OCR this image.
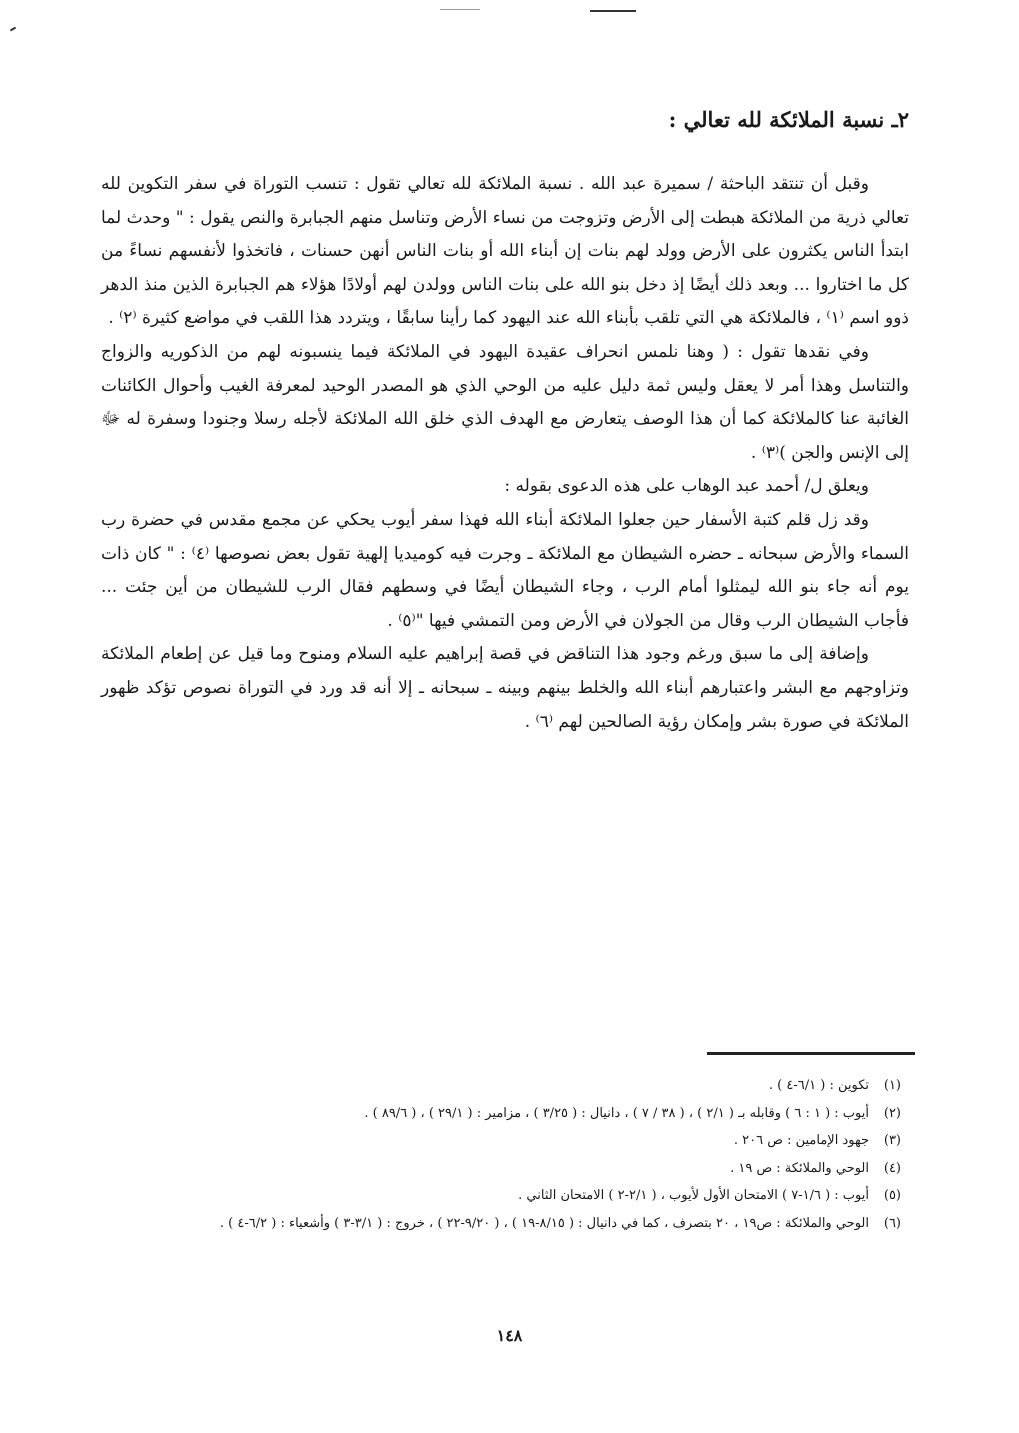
٢ـ نسبة الملائكة لله تعالي :

وقبل أن تنتقد الباحثة / سميرة عبد الله . نسبة الملائكة لله تعالي تقول : تنسب التوراة في سفر التكوين لله تعالي ذرية من الملائكة هبطت إلى الأرض وتزوجت من نساء الأرض وتناسل منهم الجبابرة والنص يقول : " وحدث لما ابتدأ الناس يكثرون على الأرض وولد لهم بنات إن أبناء الله أو بنات الناس أنهن حسنات ، فاتخذوا لأنفسهم نساءً من كل ما اختاروا ... وبعد ذلك أيضًا إذ دخل بنو الله على بنات الناس وولدن لهم أولادًا هؤلاء هم الجبابرة الذين منذ الدهر ذوو اسم ⁽١⁾ ، فالملائكة هي التي تلقب بأبناء الله عند اليهود كما رأينا سابقًا ، ويتردد هذا اللقب في مواضع كثيرة ⁽٢⁾ .

وفي نقدها تقول : ( وهنا نلمس انحراف عقيدة اليهود في الملائكة فيما ينسبونه لهم من الذكوريه والزواج والتناسل وهذا أمر لا يعقل وليس ثمة دليل عليه من الوحي الذي هو المصدر الوحيد لمعرفة الغيب وأحوال الكائنات الغائبة عنا كالملائكة كما أن هذا الوصف يتعارض مع الهدف الذي خلق الله الملائكة لأجله رسلا وجنودا وسفرة له ﷻ إلى الإنس والجن )⁽٣⁾ .

ويعلق ل/ أحمد عبد الوهاب على هذه الدعوى بقوله :

وقد زل قلم كتبة الأسفار حين جعلوا الملائكة أبناء الله فهذا سفر أيوب يحكي عن مجمع مقدس في حضرة رب السماء والأرض سبحانه ـ حضره الشيطان مع الملائكة ـ وجرت فيه كوميديا إلهية تقول بعض نصوصها ⁽٤⁾ : " كان ذات يوم أنه جاء بنو الله ليمثلوا أمام الرب ، وجاء الشيطان أيضًا في وسطهم فقال الرب للشيطان من أين جئت ... فأجاب الشيطان الرب وقال من الجولان في الأرض ومن التمشي فيها "⁽٥⁾ .

وإضافة إلى ما سبق ورغم وجود هذا التناقض في قصة إبراهيم عليه السلام ومنوح وما قيل عن إطعام الملائكة وتزاوجهم مع البشر واعتبارهم أبناء الله والخلط بينهم وبينه ـ سبحانه ـ إلا أنه قد ورد في التوراة نصوص تؤكد ظهور الملائكة في صورة بشر وإمكان رؤية الصالحين لهم ⁽٦⁾ .

(١)
تكوين : ( ٦/١-٤ ) .
(٢)
أيوب : ( ١ : ٦ ) وقابله بـ ( ٢/١ ) ، ( ٣٨ / ٧ ) ، دانيال : ( ٣/٢٥ ) ، مزامير : ( ٢٩/١ ) ، ( ٨٩/٦ ) .
(٣)
جهود الإمامين : ص ٢٠٦ .
(٤)
الوحي والملائكة : ص ١٩ .
(٥)
أيوب : ( ١/٦-٧ ) الامتحان الأول لأيوب ، ( ٢/١-٢ ) الامتحان الثاني .
(٦)
الوحي والملائكة : ص١٩ ، ٢٠ بتصرف ، كما في دانيال : ( ٨/١٥-١٩ ) ، ( ٩/٢٠-٢٢ ) ، خروج : ( ٣/١-٣ ) وأشعياء : ( ٦/٢-٤ ) .
١٤٨
